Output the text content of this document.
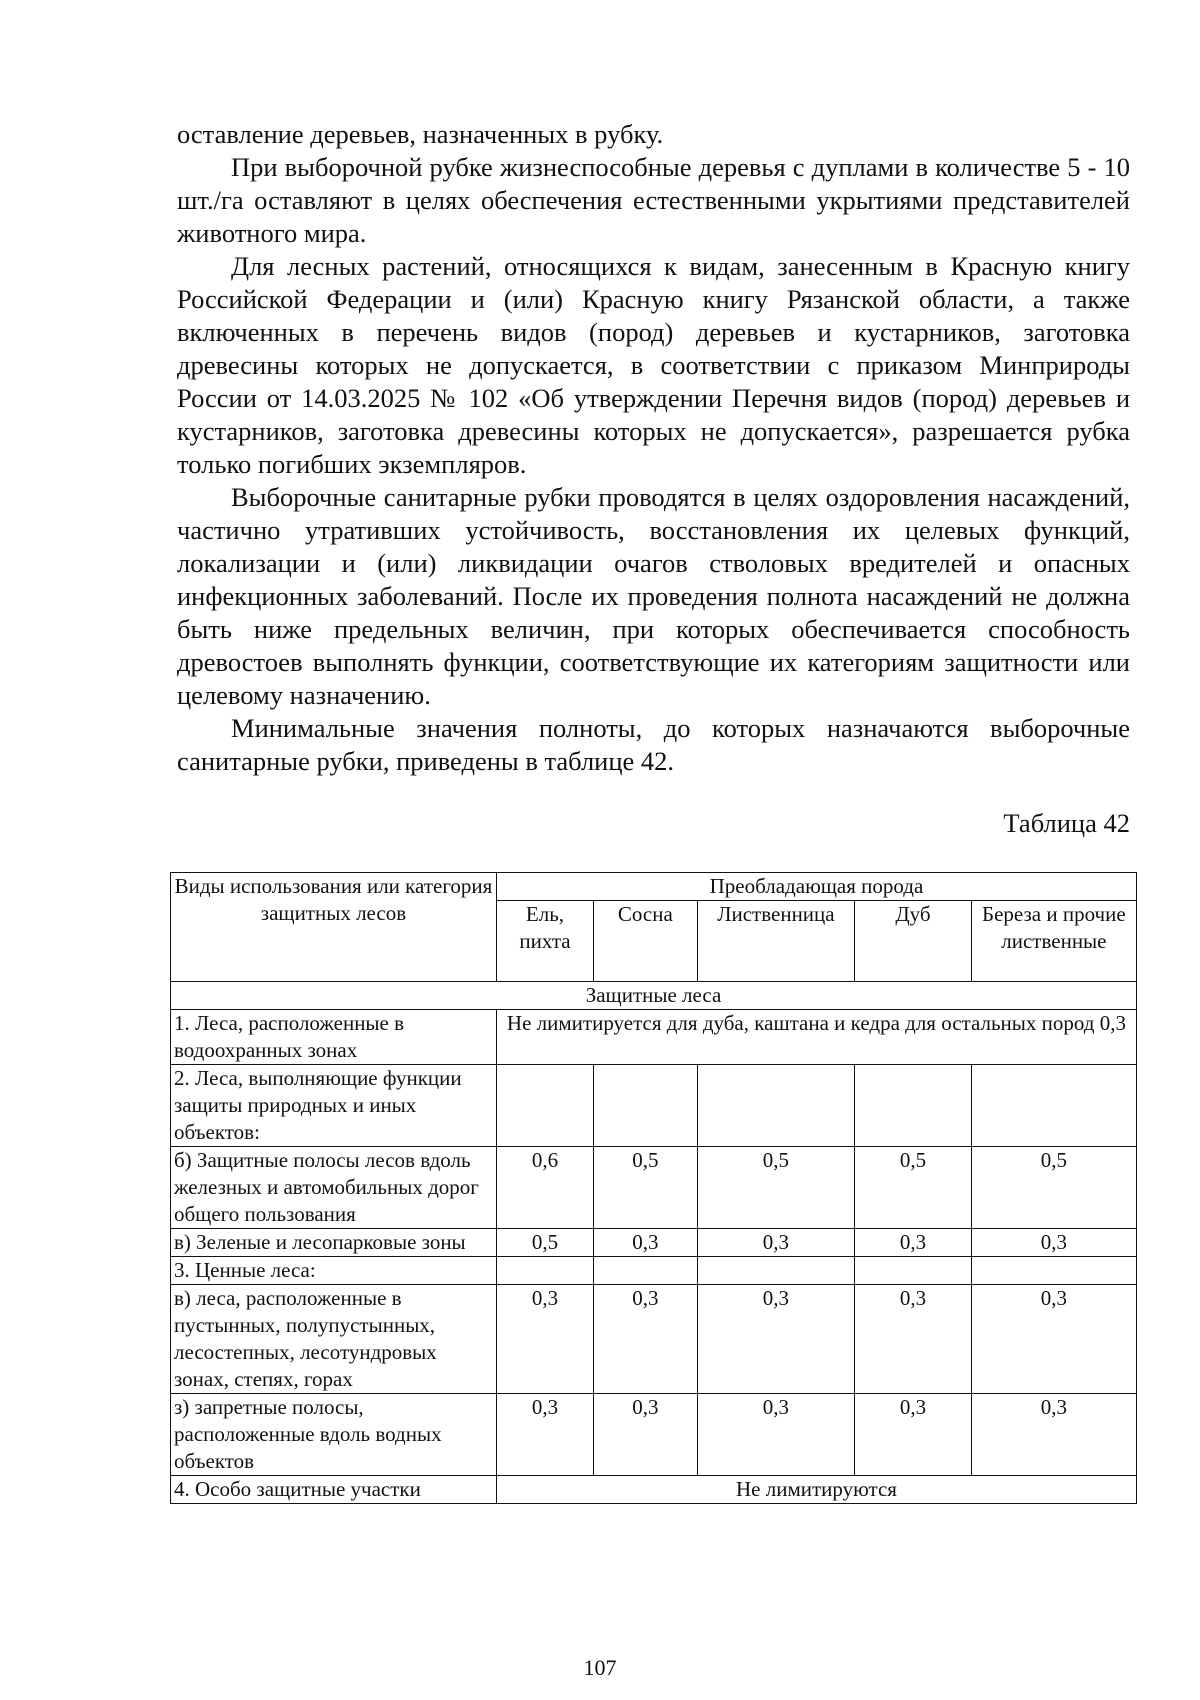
оставление деревьев, назначенных в рубку.

При выборочной рубке жизнеспособные деревья с дуплами в количестве 5 - 10 шт./га оставляют в целях обеспечения естественными укрытиями представителей животного мира.

Для лесных растений, относящихся к видам, занесенным в Красную книгу Российской Федерации и (или) Красную книгу Рязанской области, а также включенных в перечень видов (пород) деревьев и кустарников, заготовка древесины которых не допускается, в соответствии с приказом Минприроды России от 14.03.2025 № 102 «Об утверждении Перечня видов (пород) деревьев и кустарников, заготовка древесины которых не допускается», разрешается рубка только погибших экземпляров.

Выборочные санитарные рубки проводятся в целях оздоровления насаждений, частично утративших устойчивость, восстановления их целевых функций, локализации и (или) ликвидации очагов стволовых вредителей и опасных инфекционных заболеваний. После их проведения полнота насаждений не должна быть ниже предельных величин, при которых обеспечивается способность древостоев выполнять функции, соответствующие их категориям защитности или целевому назначению.

Минимальные значения полноты, до которых назначаются выборочные санитарные рубки, приведены в таблице 42.

Таблица 42
Виды использования или категория защитных лесов	Преобладающая порода				
	Ель, пихта	Сосна	Лиственница	Дуб	Береза и прочие лиственные
Защитные леса					
1. Леса, расположенные в водоохранных зонах	Не лимитируется для дуба, каштана и кедра для остальных пород 0,3				
2. Леса, выполняющие функции защиты природных и иных объектов:					
б) Защитные полосы лесов вдоль железных и автомобильных дорог общего пользования	0,6	0,5	0,5	0,5	0,5
в) Зеленые и лесопарковые зоны	0,5	0,3	0,3	0,3	0,3
3. Ценные леса:					
в) леса, расположенные в пустынных, полупустынных, лесостепных, лесотундровых зонах, степях, горах	0,3	0,3	0,3	0,3	0,3
з) запретные полосы, расположенные вдоль водных объектов	0,3	0,3	0,3	0,3	0,3
4. Особо защитные участки	Не лимитируются				
107
